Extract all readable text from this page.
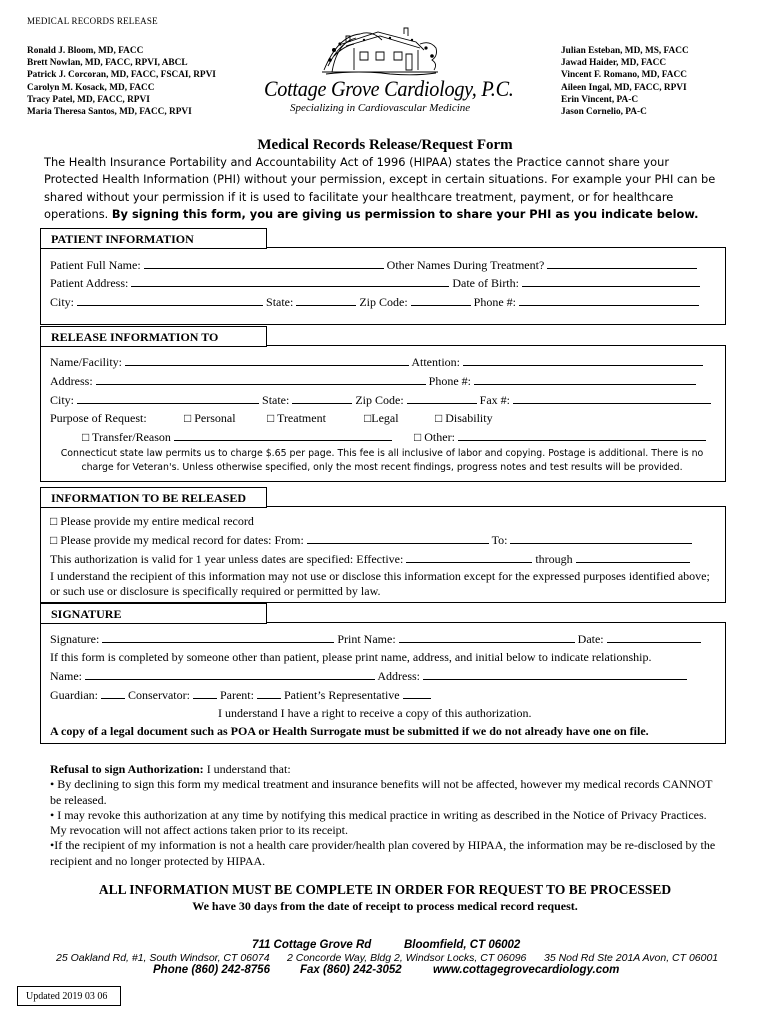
MEDICAL RECORDS RELEASE
Ronald J. Bloom, MD, FACC
Brett Nowlan, MD, FACC, RPVI, ABCL
Patrick J. Corcoran, MD, FACC, FSCAI, RPVI
Carolyn M. Kosack, MD, FACC
Tracy Patel, MD, FACC, RPVI
Maria Theresa Santos, MD, FACC, RPVI
Julian Esteban, MD, MS, FACC
Jawad Haider, MD, FACC
Vincent F. Romano, MD, FACC
Aileen Ingal, MD, FACC, RPVI
Erin Vincent, PA-C
Jason Cornelio, PA-C
Cottage Grove Cardiology, P.C.
Specializing in Cardiovascular Medicine
Medical Records Release/Request Form
The Health Insurance Portability and Accountability Act of 1996 (HIPAA) states the Practice cannot share your Protected Health Information (PHI) without your permission, except in certain situations. For example your PHI can be shared without your permission if it is used to facilitate your healthcare treatment, payment, or for healthcare operations. By signing this form, you are giving us permission to share your PHI as you indicate below.
PATIENT INFORMATION
Patient Full Name:	Other Names During Treatment?
Patient Address:	Date of Birth:
City:	State:	Zip Code:	Phone #:
RELEASE INFORMATION TO
Name/Facility:	Attention:
Address:	Phone #:
City:	State:	Zip Code:	Fax #:
Purpose of Request:	□ Personal	□ Treatment	□Legal	□ Disability
□ Transfer/Reason	□ Other:
Connecticut state law permits us to charge $.65 per page. This fee is all inclusive of labor and copying. Postage is additional. There is no charge for Veteran's. Unless otherwise specified, only the most recent findings, progress notes and test results will be provided.
INFORMATION TO BE RELEASED
□ Please provide my entire medical record
□ Please provide my medical record for dates: From:	To:
This authorization is valid for 1 year unless dates are specified: Effective:	through
I understand the recipient of this information may not use or disclose this information except for the expressed purposes identified above; or such use or disclosure is specifically required or permitted by law.
SIGNATURE
Signature:	Print Name:	Date:
If this form is completed by someone other than patient, please print name, address, and initial below to indicate relationship.
Name:	Address:
Guardian:	Conservator:	Parent:	Patient’s Representative
I understand I have a right to receive a copy of this authorization.
A copy of a legal document such as POA or Health Surrogate must be submitted if we do not already have one on file.
Refusal to sign Authorization: I understand that:
• By declining to sign this form my medical treatment and insurance benefits will not be affected, however my medical records CANNOT be released.
• I may revoke this authorization at any time by notifying this medical practice in writing as described in the Notice of Privacy Practices. My revocation will not affect actions taken prior to its receipt.
•If the recipient of my information is not a health care provider/health plan covered by HIPAA, the information may be re-disclosed by the recipient and no longer protected by HIPAA.
ALL INFORMATION MUST BE COMPLETE IN ORDER FOR REQUEST TO BE PROCESSED
We have 30 days from the date of receipt to process medical record request.
711 Cottage Grove Rd	Bloomfield, CT 06002
25 Oakland Rd, #1, South Windsor, CT 06074 2 Concorde Way, Bldg 2, Windsor Locks, CT 06096 35 Nod Rd Ste 201A Avon, CT 06001
Phone (860) 242-8756	Fax (860) 242-3052	www.cottagegrovecardiology.com
Updated 2019 03 06
